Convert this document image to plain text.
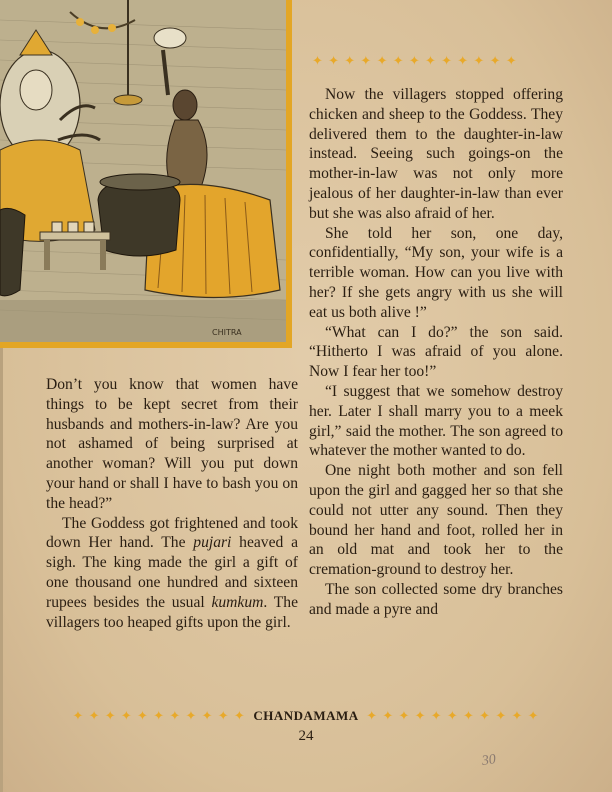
CHITRA
✦ ✦ ✦ ✦ ✦ ✦ ✦ ✦ ✦ ✦ ✦ ✦ ✦

Now the villagers stopped offering chicken and sheep to the Goddess. They delivered them to the daughter-in-law instead. Seeing such goings-on the mother-in-law was not only more jealous of her daughter-in-law than ever but she was also afraid of her.

She told her son, one day, confidentially, “My son, your wife is a terrible woman. How can you live with her? If she gets angry with us she will eat us both alive !”

“What can I do?” the son said. “Hitherto I was afraid of you alone. Now I fear her too!”

“I suggest that we somehow destroy her. Later I shall marry you to a meek girl,” said the mother. The son agreed to whatever the mother wanted to do.

One night both mother and son fell upon the girl and gagged her so that she could not utter any sound. Then they bound her hand and foot, rolled her in an old mat and took her to the cremation-ground to destroy her.

The son collected some dry branches and made a pyre and

Don’t you know that women have things to be kept secret from their husbands and mothers-in-law? Are you not ashamed of being surprised at another woman? Will you put down your hand or shall I have to bash you on the head?”

The Goddess got frightened and took down Her hand. The pujari heaved a sigh. The king made the girl a gift of one thousand one hundred and sixteen rupees besides the usual kumkum. The villagers too heaped gifts upon the girl.

✦ ✦ ✦ ✦ ✦ ✦ ✦ ✦ ✦ ✦ ✦ CHANDAMAMA ✦ ✦ ✦ ✦ ✦ ✦ ✦ ✦ ✦ ✦ ✦
24
30
